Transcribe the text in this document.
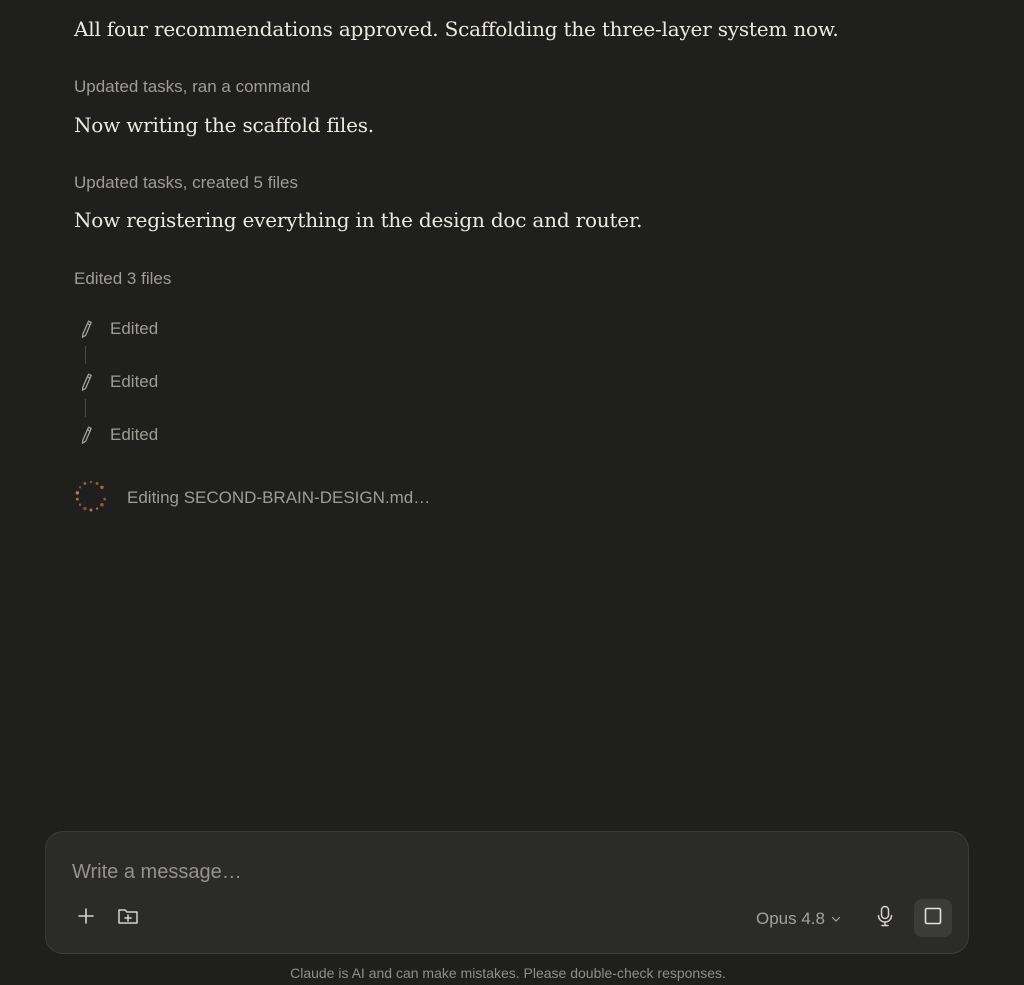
All four recommendations approved. Scaffolding the three-layer system now.
Updated tasks, ran a command
Now writing the scaffold files.
Updated tasks, created 5 files
Now registering everything in the design doc and router.
Edited 3 files
Edited
Edited
Edited
Editing SECOND-BRAIN-DESIGN.md…
Write a message…
Opus 4.8
Claude is AI and can make mistakes. Please double-check responses.
